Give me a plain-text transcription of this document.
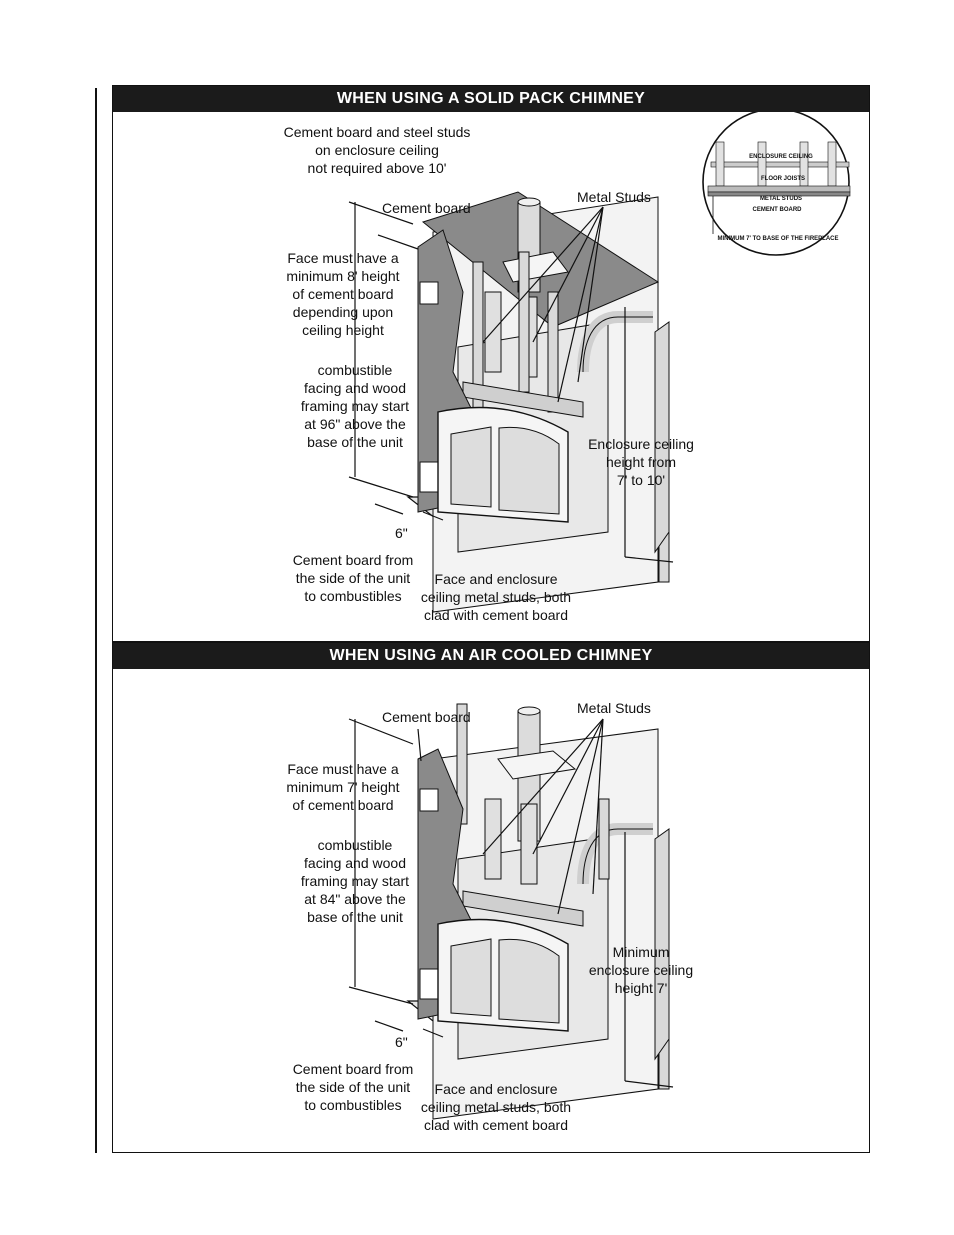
WHEN USING A SOLID PACK CHIMNEY
Cement board and steel studs on enclosure ceiling not required above 10'
Cement board
Metal Studs
Face must have a minimum 8' height of cement board depending upon ceiling height
combustible facing and wood framing may start at 96" above the base of the unit	Enclosure ceiling height from 7' to 10'
6"
Cement board from the side of the unit to combustibles
Face and enclosure ceiling metal studs, both clad with cement board
ENCLOSURE CEILING
FLOOR JOISTS
METAL STUDS
CEMENT BOARD
MINIMUM 7' TO BASE OF THE FIREPLACE
WHEN USING AN AIR COOLED CHIMNEY
Cement board
Metal Studs
Face must have a minimum 7' height of cement board
combustible facing and wood framing may start at 84" above the base of the unit
Minimum enclosure ceiling height 7'
6"
Cement board from the side of the unit to combustibles
Face and enclosure ceiling metal studs, both clad with cement board
